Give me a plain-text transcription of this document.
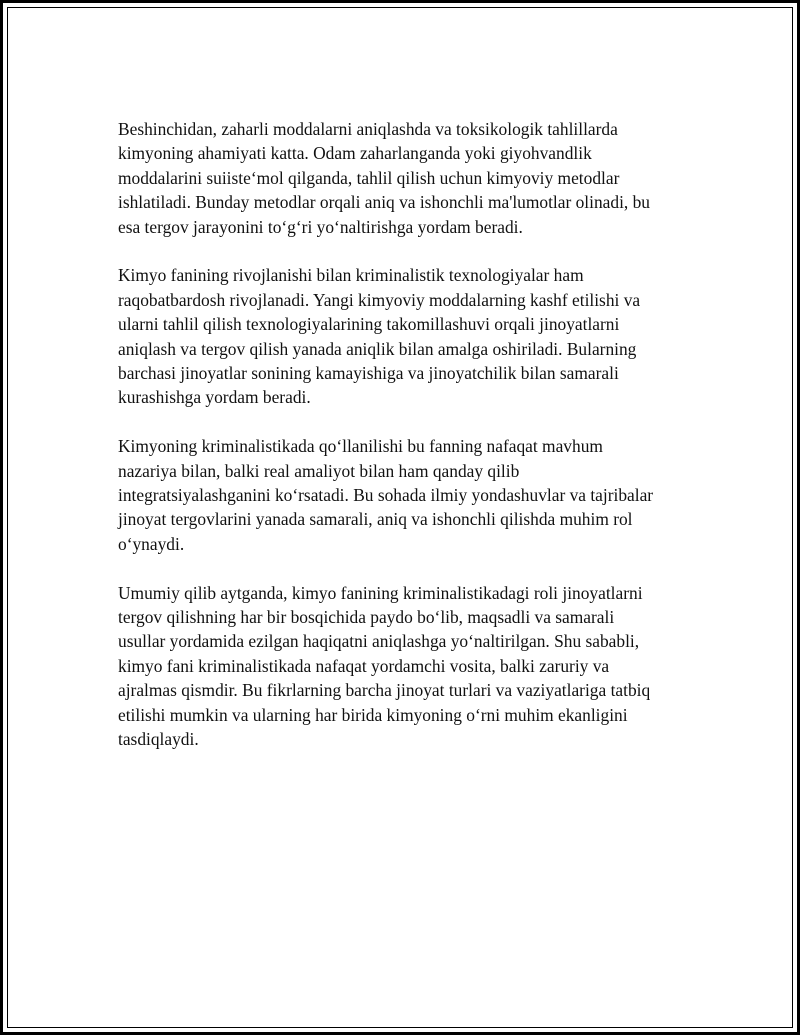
Beshinchidan, zaharli moddalarni aniqlashda va toksikologik tahlillarda
kimyoning ahamiyati katta. Odam zaharlanganda yoki giyohvandlik
moddalarini suiiste‘mol qilganda, tahlil qilish uchun kimyoviy metodlar
ishlatiladi. Bunday metodlar orqali aniq va ishonchli ma'lumotlar olinadi, bu
esa tergov jarayonini to‘g‘ri yo‘naltirishga yordam beradi.

Kimyo fanining rivojlanishi bilan kriminalistik texnologiyalar ham
raqobatbardosh rivojlanadi. Yangi kimyoviy moddalarning kashf etilishi va
ularni tahlil qilish texnologiyalarining takomillashuvi orqali jinoyatlarni
aniqlash va tergov qilish yanada aniqlik bilan amalga oshiriladi. Bularning
barchasi jinoyatlar sonining kamayishiga va jinoyatchilik bilan samarali
kurashishga yordam beradi.

Kimyoning kriminalistikada qo‘llanilishi bu fanning nafaqat mavhum
nazariya bilan, balki real amaliyot bilan ham qanday qilib
integratsiyalashganini ko‘rsatadi. Bu sohada ilmiy yondashuvlar va tajribalar
jinoyat tergovlarini yanada samarali, aniq va ishonchli qilishda muhim rol
o‘ynaydi.

Umumiy qilib aytganda, kimyo fanining kriminalistikadagi roli jinoyatlarni
tergov qilishning har bir bosqichida paydo bo‘lib, maqsadli va samarali
usullar yordamida ezilgan haqiqatni aniqlashga yo‘naltirilgan. Shu sababli,
kimyo fani kriminalistikada nafaqat yordamchi vosita, balki zaruriy va
ajralmas qismdir. Bu fikrlarning barcha jinoyat turlari va vaziyatlariga tatbiq
etilishi mumkin va ularning har birida kimyoning o‘rni muhim ekanligini
tasdiqlaydi.
